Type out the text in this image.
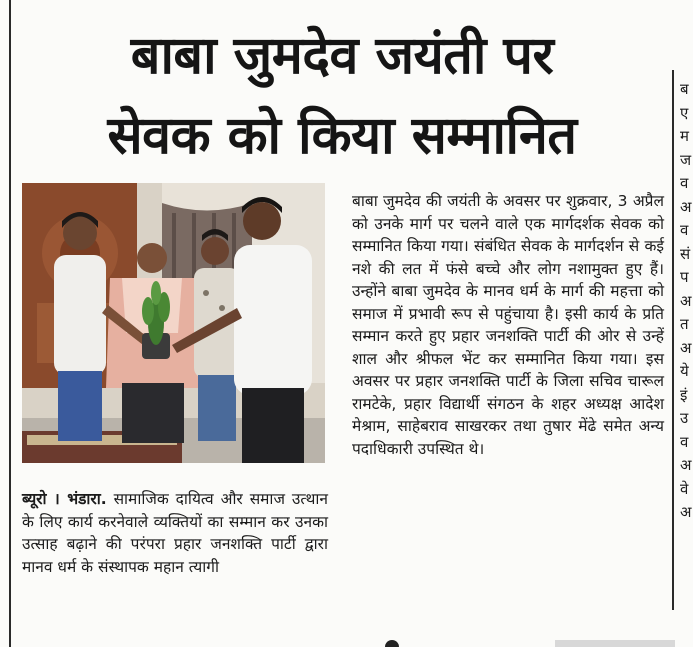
बाबा जुमदेव जयंती पर
सेवक को किया सम्मानित
बाबा जुमदेव की जयंती के अवसर पर शुक्रवार, 3 अप्रैल को उनके मार्ग पर चलने वाले एक मार्गदर्शक सेवक को सम्मानित किया गया। संबंधित सेवक के मार्गदर्शन से कई नशे की लत में फंसे बच्चे और लोग नशामुक्त हुए हैं। उन्होंने बाबा जुमदेव के मानव धर्म के मार्ग की महत्ता को समाज में प्रभावी रूप से पहुंचाया है। इसी कार्य के प्रति सम्मान करते हुए प्रहार जनशक्ति पार्टी की ओर से उन्हें शाल और श्रीफल भेंट कर सम्मानित किया गया। इस अवसर पर प्रहार जनशक्ति पार्टी के जिला सचिव चारूल रामटेके, प्रहार विद्यार्थी संगठन के शहर अध्यक्ष आदेश मेश्राम, साहेबराव साखरकर तथा तुषार मेंढे समेत अन्य पदाधिकारी उपस्थित थे।
ब्यूरो । भंडारा. सामाजिक दायित्व और समाज उत्थान के लिए कार्य करनेवाले व्यक्तियों का सम्मान कर उनका उत्साह बढ़ाने की परंपरा प्रहार जनशक्ति पार्टी द्वारा मानव धर्म के संस्थापक महान त्यागी
ब
ए
म
ज
व
अ
व
सं
प
अ
त
अ
ये
इं
उ
व
अ
वे
अ
